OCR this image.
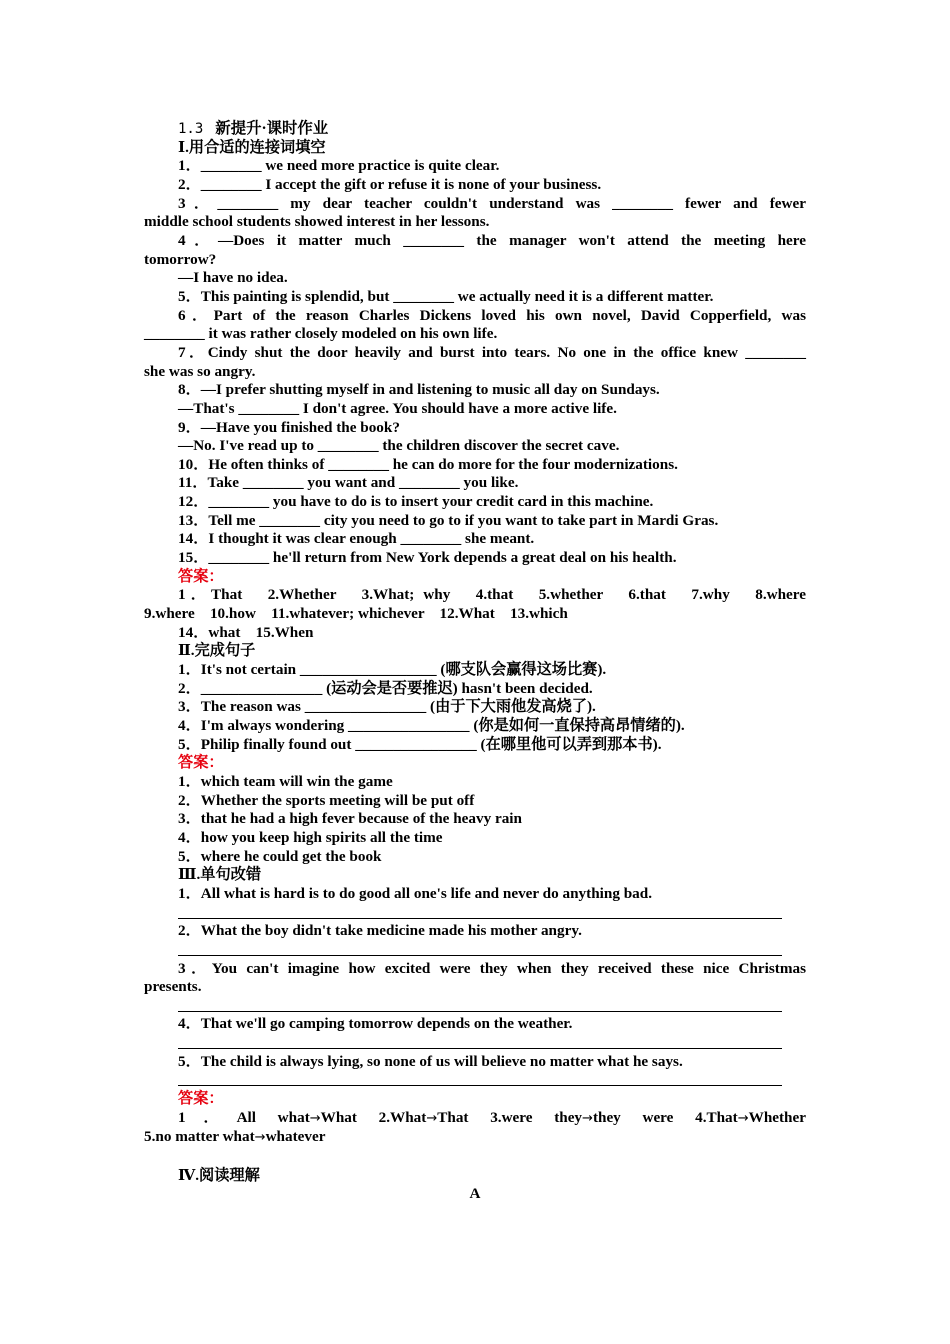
1.3 新提升·课时作业

Ⅰ.用合适的连接词填空

1．________ we need more practice is quite clear.

2．________ I accept the gift or refuse it is none of your business.

3．________ my dear teacher couldn't understand was ________ fewer and fewer

middle school students showed interest in her lessons.

4．—Does it matter much ________ the manager won't attend the meeting here

tomorrow?

—I have no idea.

5．This painting is splendid, but ________ we actually need it is a different matter.

6．Part of the reason Charles Dickens loved his own novel, David Copperfield, was

________ it was rather closely modeled on his own life.

7．Cindy shut the door heavily and burst into tears. No one in the office knew ________

she was so angry.

8．—I prefer shutting myself in and listening to music all day on Sundays.

—That's ________ I don't agree. You should have a more active life.

9．—Have you finished the book?

—No. I've read up to ________ the children discover the secret cave.

10．He often thinks of ________ he can do more for the four modernizations.

11．Take ________ you want and ________ you like.

12．________ you have to do is to insert your credit card in this machine.

13．Tell me ________ city you need to go to if you want to take part in Mardi Gras.

14．I thought it was clear enough ________ she meant.

15．________ he'll return from New York depends a great deal on his health.

答案：

1．That　2.Whether　3.What; why　4.that　5.whether　6.that　7.why　8.where

9.where　10.how　11.whatever; whichever　12.What　13.which

14．what　15.When

Ⅱ.完成句子

1．It's not certain __________________ (哪支队会赢得这场比赛).

2．________________ (运动会是否要推迟) hasn't been decided.

3．The reason was ________________ (由于下大雨他发高烧了).

4．I'm always wondering ________________ (你是如何一直保持高昂情绪的).

5．Philip finally found out ________________ (在哪里他可以弄到那本书).

答案：

1．which team will win the game

2．Whether the sports meeting will be put off

3．that he had a high fever because of the heavy rain

4．how you keep high spirits all the time

5．where he could get the book

Ⅲ.单句改错

1．All what is hard is to do good all one's life and never do anything bad.

2．What the boy didn't take medicine made his mother angry.

3．You can't imagine how excited were they when they received these nice Christmas

presents.

4．That we'll go camping tomorrow depends on the weather.

5．The child is always lying, so none of us will believe no matter what he says.

答案：

1．All what→What 2.What→That 3.were they→they were 4.That→Whether

5.no matter what→whatever

Ⅳ.阅读理解

A
